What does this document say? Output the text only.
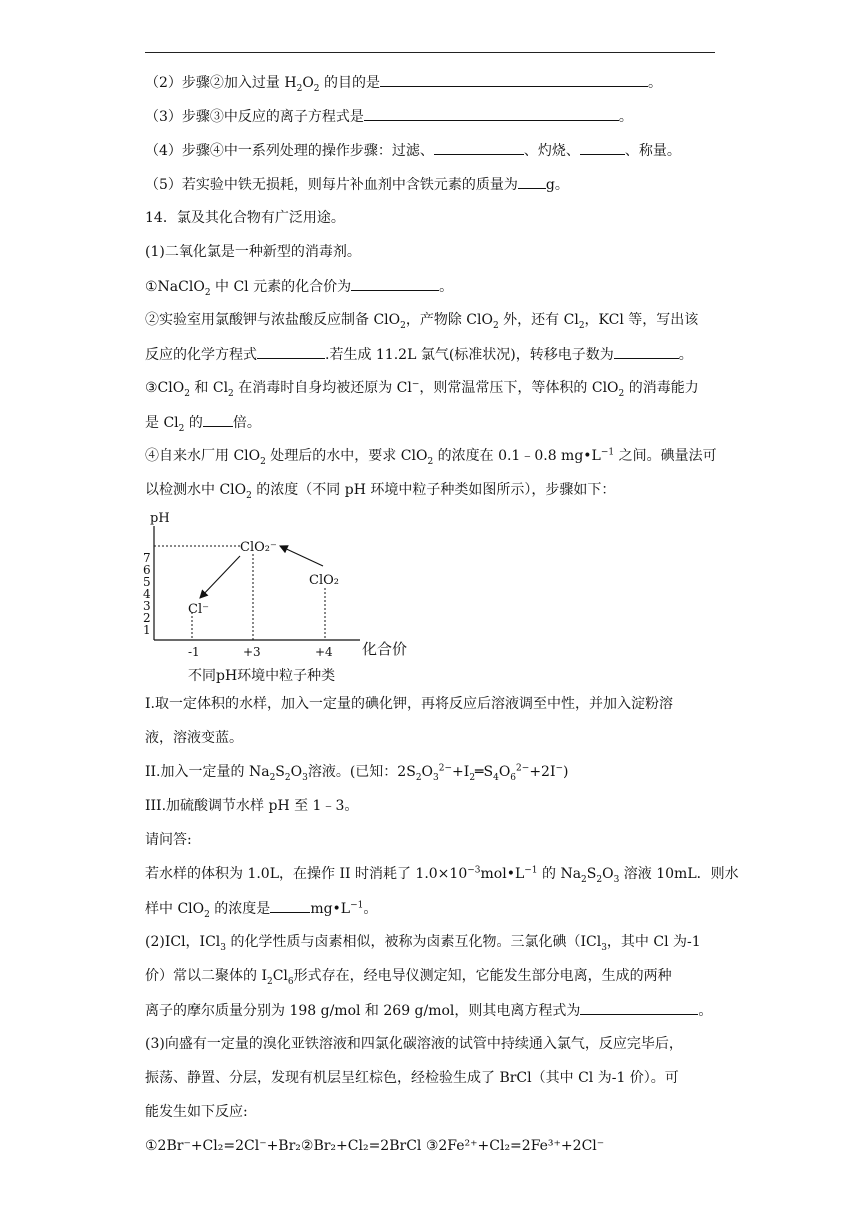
（2）步骤②加入过量 $H_2O_2$ 的目的是	。
（3）步骤③中反应的离子方程式是	。
（4）步骤④中一系列处理的操作步骤：过滤、	、灼烧、	、称量。
（5）若实验中铁无损耗，则每片补血剂中含铁元素的质量为 g。
14．氯及其化合物有广泛用途。
(1)二氧化氯是一种新型的消毒剂。
①NaClO$_2$ 中 Cl 元素的化合价为	。
②实验室用氯酸钾与浓盐酸反应制备 ClO$_2$，产物除 ClO$_2$ 外，还有 $Cl_2$，KCl 等，写出该
反应的化学方程式	.若生成 11.2L 氯气(标准状况)，转移电子数为	。
③ClO$_2$ 和 $Cl_2$ 在消毒时自身均被还原为 Cl−，则常温常压下，等体积的 ClO$_2$ 的消毒能力
是 $Cl_2$ 的 倍。
④自来水厂用 ClO$_2$ 处理后的水中，要求 ClO$_2$ 的浓度在 0.1﹣0.8 $mg•L^{-1}$ 之间。碘量法可
以检测水中 ClO$_2$ 的浓度（不同 pH 环境中粒子种类如图所示），步骤如下：
pH
化合价
1
2
3
4
5
6
7
-1	+3	+4
ClO₂⁻
ClO₂
Cl⁻
不同pH环境中粒子种类
I.取一定体积的水样，加入一定量的碘化钾，再将反应后溶液调至中性，并加入淀粉溶
液，溶液变蓝。
II.加入一定量的 $Na_2S_2O_3$溶液。(已知：$2S_2O_3^{2-}+I_2═S_4O_6^{2-}+2I^-$)
III.加硫酸调节水样 pH 至 1﹣3。
请问答:
若水样的体积为 1.0L，在操作 II 时消耗了 $1.0\times 10^{-3}mol•L^{-1}$ 的 $Na_2S_2O_3$ 溶液 10mL．则水
样中 ClO$_2$ 的浓度是	$mg•L^{-1}$。
(2)ICl，ICl$_3$ 的化学性质与卤素相似，被称为卤素互化物。三氯化碘（ICl$_3$，其中 Cl 为-1
价）常以二聚体的 $I_2Cl_6$形式存在，经电导仪测定知，它能发生部分电离，生成的两种
离子的摩尔质量分别为 198 g/mol 和 269 g/mol，则其电离方程式为	。
(3)向盛有一定量的溴化亚铁溶液和四氯化碳溶液的试管中持续通入氯气，反应完毕后，
振荡、静置、分层，发现有机层呈红棕色，经检验生成了 BrCl（其中 Cl 为-1 价）。可
能发生如下反应:
①2Br⁻+Cl₂=2Cl⁻+Br₂②Br₂+Cl₂=2BrCl ③2Fe²⁺+Cl₂=2Fe³⁺+2Cl⁻
